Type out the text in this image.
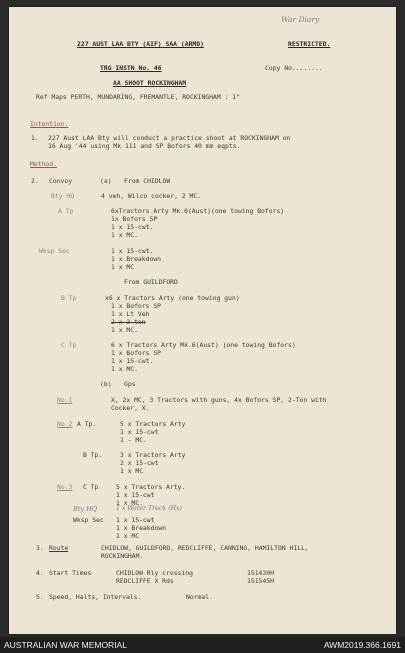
War Diary
227 AUST LAA BTY (AIF) SAA (ARMD)	RESTRICTED.
TRG INSTN No. 46	Copy No........
AA SHOOT ROCKINGHAM
Ref Maps PERTH, MUNDARING, FREMANTLE, ROCKINGHAM : 1"
Intention.
1. 227 Aust LAA Bty will conduct a practice shoot at ROCKINGHAM on
16 Aug '44 using Mk 111 and SP Bofors 40 mm eqpts.
Method.
2. Convoy	(a) From CHIDLOW
Bty HQ	4 veh, Wilco cocker, 2 MC.
A Tp	6xTractors Arty Mk.6(Aust)(one towing Bofors)
1x Bofors SP
1 x 15-cwt.
1 x MC.
Wksp Sec	1 x 15-cwt.
1 x Breakdown
1 x MC
From GUILDFORD
B Tp	x6 x Tractors Arty (one towing gun)
1 x Bofors SP
1 x Lt Veh
2 x 3-ton
1 x MC.
C Tp	6 x Tractors Arty Mk.6(Aust) (one towing Bofors)
1 x Bofors SP
1 x 15-cwt.
1 x MC.
(b) Gps
No.1	X, 2x MC, 3 Tractors with guns, 4x Bofors SP, 2-Ton with
Cocker, X.
No.2 A Tp.	5 x Tractors Arty
1 x 15-cwt
1 - MC.
B Tp.	3 x Tractors Arty
2 x 15-cwt
1 x MC
No.3 C Tp	5 x Tractors Arty.
1 x 15-cwt
1 x MC.
Bty HQ	1 x Water Truck (Hx)
Wksp Sec 1 x 15-cwt
1 x Breakdown
1 x MC
3. Route	CHIDLOW, GUILDFORD, REDCLIFFE, CANNING, HAMILTON HILL,
ROCKINGHAM.
4. Start Times	CHIDLOW Rly crossing	151430H
REDCLIFFE X Rds	151545H
5. Speed, Halts, Intervals.	Normal.
AUSTRALIAN WAR MEMORIAL	AWM2019.366.1691
